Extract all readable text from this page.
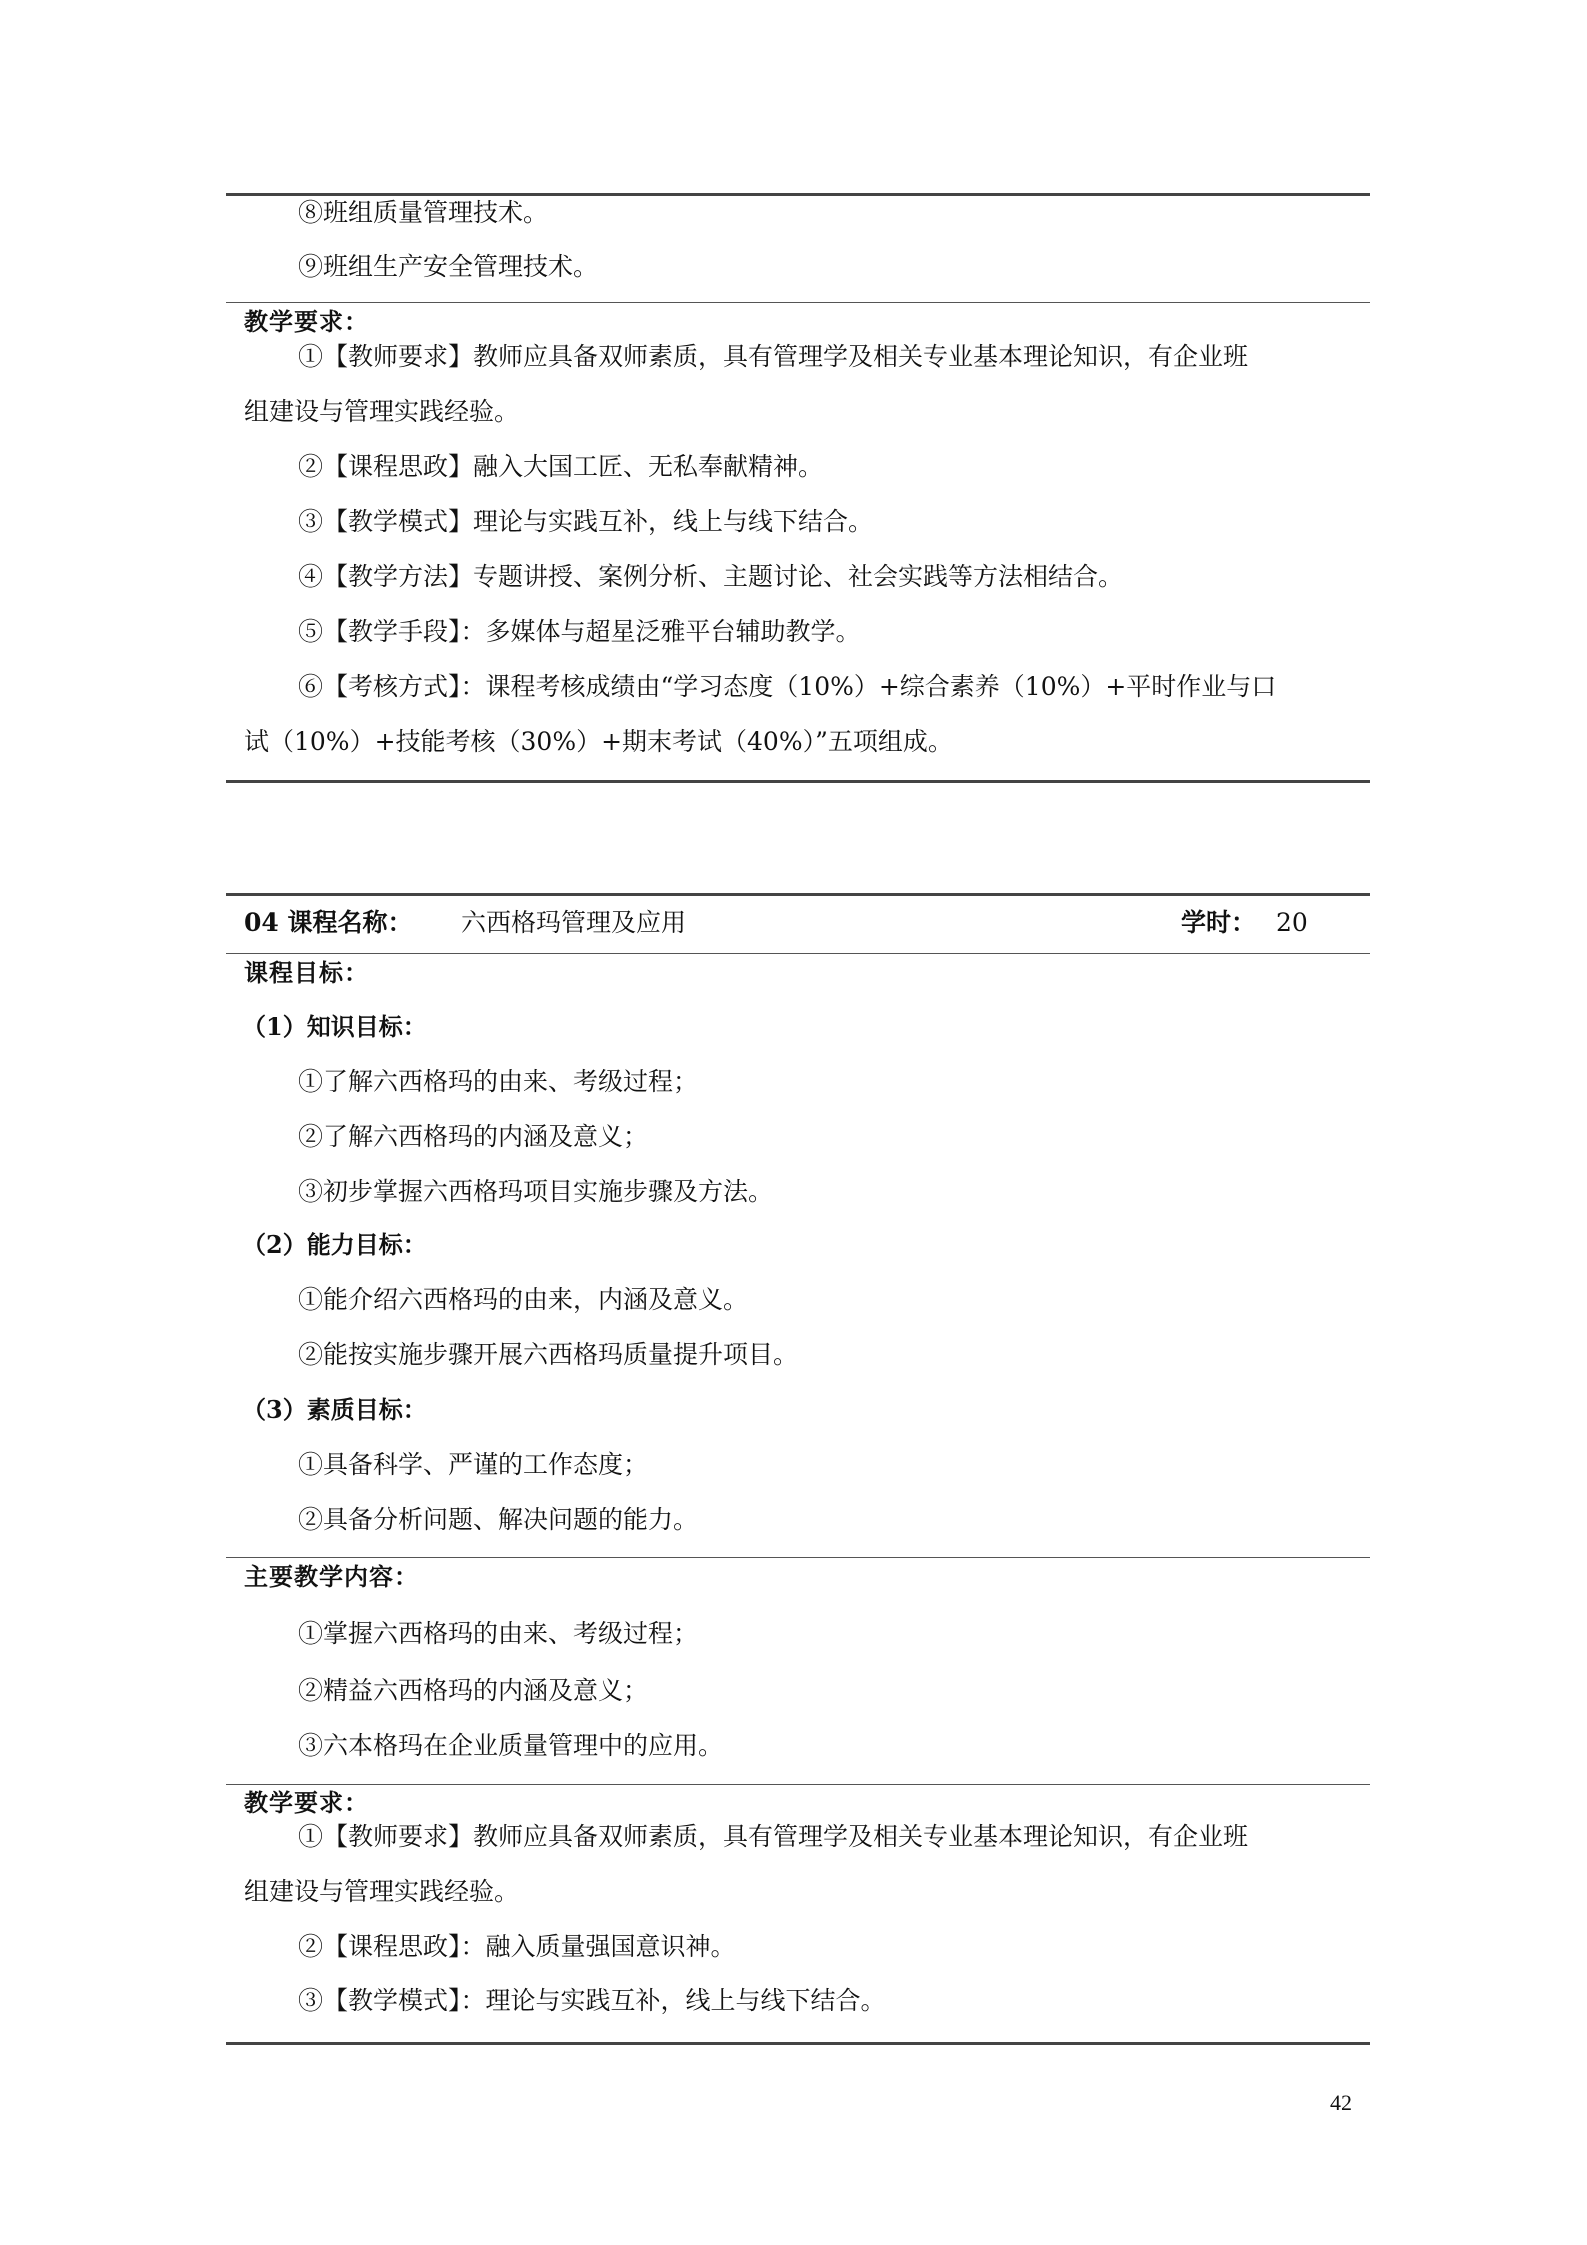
⑧班组质量管理技术。
⑨班组生产安全管理技术。
教学要求：
①【教师要求】教师应具备双师素质，具有管理学及相关专业基本理论知识，有企业班
组建设与管理实践经验。
②【课程思政】融入大国工匠、无私奉献精神。
③【教学模式】理论与实践互补，线上与线下结合。
④【教学方法】专题讲授、案例分析、主题讨论、社会实践等方法相结合。
⑤【教学手段】：多媒体与超星泛雅平台辅助教学。
⑥【考核方式】：课程考核成绩由“学习态度（10%）+综合素养（10%）+平时作业与口
试（10%）+技能考核（30%）+期末考试（40%）”五项组成。
04 课程名称： 六西格玛管理及应用	学时： 20
课程目标：
（1）知识目标：
①了解六西格玛的由来、考级过程；
②了解六西格玛的内涵及意义；
③初步掌握六西格玛项目实施步骤及方法。
（2）能力目标：
①能介绍六西格玛的由来，内涵及意义。
②能按实施步骤开展六西格玛质量提升项目。
（3）素质目标：
①具备科学、严谨的工作态度；
②具备分析问题、解决问题的能力。
主要教学内容：
①掌握六西格玛的由来、考级过程；
②精益六西格玛的内涵及意义；
③六本格玛在企业质量管理中的应用。
教学要求：
①【教师要求】教师应具备双师素质，具有管理学及相关专业基本理论知识，有企业班
组建设与管理实践经验。
②【课程思政】：融入质量强国意识神。
③【教学模式】：理论与实践互补，线上与线下结合。
42
